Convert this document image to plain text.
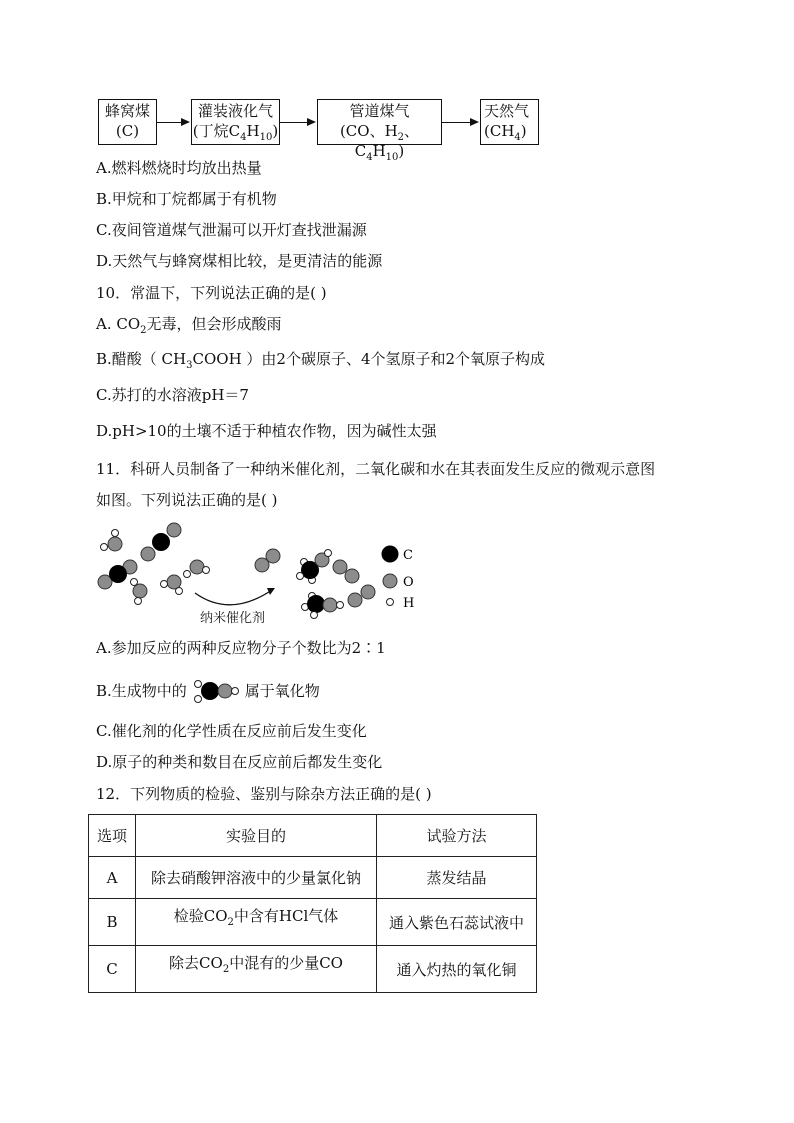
蜂窝煤
(C)
灌装液化气
(丁烷$C_4H_{10}$)
管道煤气
(CO、$H_2$、$C_4H_{10}$)
天然气
$(CH_4)$
A.燃料燃烧时均放出热量
B.甲烷和丁烷都属于有机物
C.夜间管道煤气泄漏可以开灯查找泄漏源
D.天然气与蜂窝煤相比较，是更清洁的能源
10．常温下，下列说法正确的是( )
A. $CO_2$无毒，但会形成酸雨
B.醋酸（ $CH_3COOH$ ）由2个碳原子、4个氢原子和2个氧原子构成
C.苏打的水溶液pH＝7
D.pH>10的土壤不适于种植农作物，因为碱性太强
11．科研人员制备了一种纳米催化剂，二氧化碳和水在其表面发生反应的微观示意图
如图。下列说法正确的是( )
纳米催化剂
C
O
H
A.参加反应的两种反应物分子个数比为2∶1
B.生成物中的	属于氧化物
C.催化剂的化学性质在反应前后发生变化
D.原子的种类和数目在反应前后都发生变化
12．下列物质的检验、鉴别与除杂方法正确的是( )
选项	实验目的	试验方法
A	除去硝酸钾溶液中的少量氯化钠	蒸发结晶
B	检验$CO_2$中含有HCl气体	通入紫色石蕊试液中
C	除去$CO_2$中混有的少量CO	通入灼热的氧化铜
